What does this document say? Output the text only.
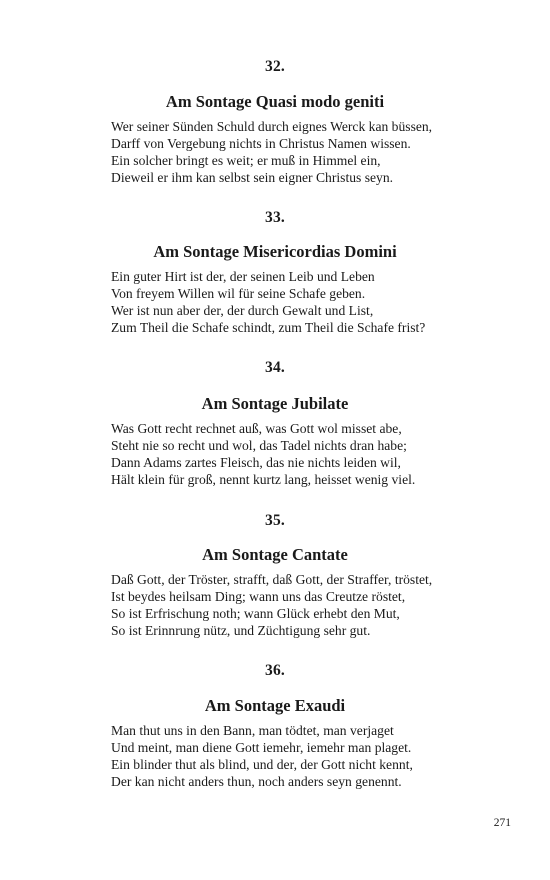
32.
Am Sontage Quasi modo geniti
Wer seiner Sünden Schuld durch eignes Werck kan büssen,
Darff von Vergebung nichts in Christus Namen wissen.
Ein solcher bringt es weit; er muß in Himmel ein,
Dieweil er ihm kan selbst sein eigner Christus seyn.
33.
Am Sontage Misericordias Domini
Ein guter Hirt ist der, der seinen Leib und Leben
Von freyem Willen wil für seine Schafe geben.
Wer ist nun aber der, der durch Gewalt und List,
Zum Theil die Schafe schindt, zum Theil die Schafe frist?
34.
Am Sontage Jubilate
Was Gott recht rechnet auß, was Gott wol misset abe,
Steht nie so recht und wol, das Tadel nichts dran habe;
Dann Adams zartes Fleisch, das nie nichts leiden wil,
Hält klein für groß, nennt kurtz lang, heisset wenig viel.
35.
Am Sontage Cantate
Daß Gott, der Tröster, strafft, daß Gott, der Straffer, tröstet,
Ist beydes heilsam Ding; wann uns das Creutze röstet,
So ist Erfrischung noth; wann Glück erhebt den Mut,
So ist Erinnrung nütz, und Züchtigung sehr gut.
36.
Am Sontage Exaudi
Man thut uns in den Bann, man tödtet, man verjaget
Und meint, man diene Gott iemehr, iemehr man plaget.
Ein blinder thut als blind, und der, der Gott nicht kennt,
Der kan nicht anders thun, noch anders seyn genennt.
271
